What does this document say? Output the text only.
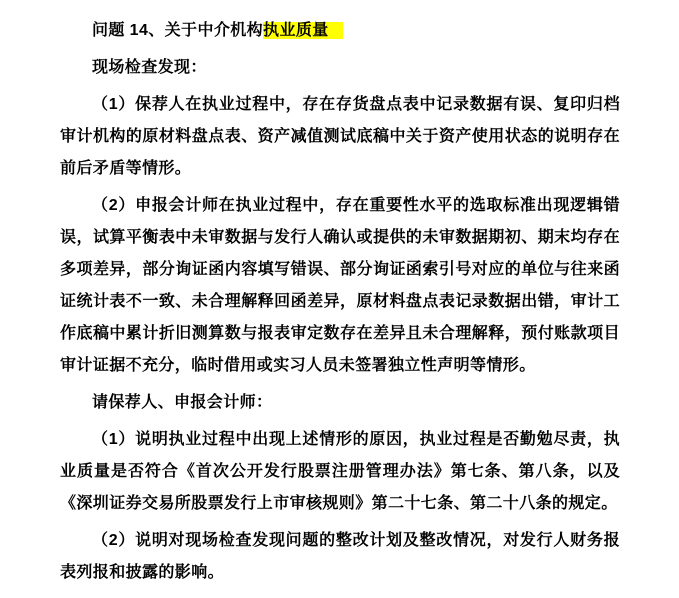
问题 14、关于中介机构执业质量

现场检查发现：

（1）保荐人在执业过程中，存在存货盘点表中记录数据有误、复印归档审计机构的原材料盘点表、资产减值测试底稿中关于资产使用状态的说明存在前后矛盾等情形。

（2）申报会计师在执业过程中，存在重要性水平的选取标准出现逻辑错误，试算平衡表中未审数据与发行人确认或提供的未审数据期初、期末均存在多项差异，部分询证函内容填写错误、部分询证函索引号对应的单位与往来函证统计表不一致、未合理解释回函差异，原材料盘点表记录数据出错，审计工作底稿中累计折旧测算数与报表审定数存在差异且未合理解释，预付账款项目审计证据不充分，临时借用或实习人员未签署独立性声明等情形。

请保荐人、申报会计师：

（1）说明执业过程中出现上述情形的原因，执业过程是否勤勉尽责，执业质量是否符合《首次公开发行股票注册管理办法》第七条、第八条，以及《深圳证券交易所股票发行上市审核规则》第二十七条、第二十八条的规定。

（2）说明对现场检查发现问题的整改计划及整改情况，对发行人财务报表列报和披露的影响。
